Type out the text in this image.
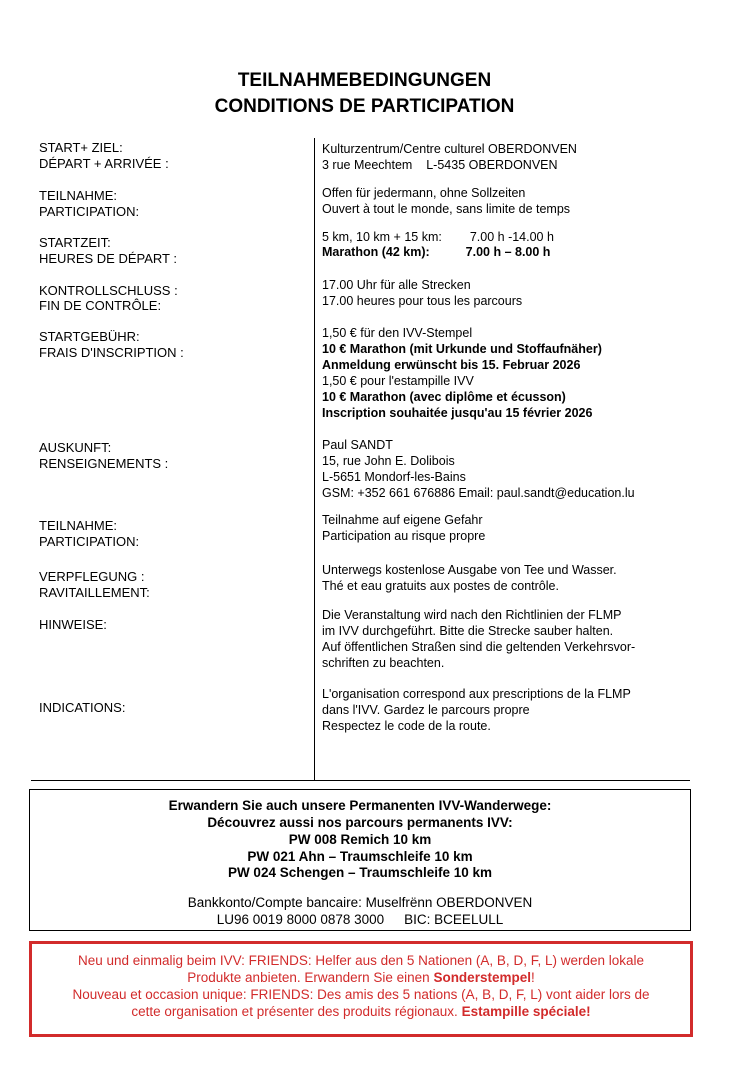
TEILNAHMEBEDINGUNGEN
CONDITIONS DE PARTICIPATION
START+ ZIEL:
DÉPART + ARRIVÉE :
Kulturzentrum/Centre culturel OBERDONVEN
3 rue Meechtem L-5435 OBERDONVEN
TEILNAHME:
PARTICIPATION:
Offen für jedermann, ohne Sollzeiten
Ouvert à tout le monde, sans limite de temps
STARTZEIT:
HEURES DE DÉPART :
5 km, 10 km + 15 km: 7.00 h -14.00 h
Marathon (42 km):	7.00 h – 8.00 h
KONTROLLSCHLUSS :
FIN DE CONTRÔLE:
17.00 Uhr für alle Strecken
17.00 heures pour tous les parcours
STARTGEBÜHR:
FRAIS D'INSCRIPTION :
1,50 € für den IVV-Stempel
10 € Marathon (mit Urkunde und Stoffaufnäher)
Anmeldung erwünscht bis 15. Februar 2026
1,50 € pour l'estampille IVV
10 € Marathon (avec diplôme et écusson)
Inscription souhaitée jusqu'au 15 février 2026
AUSKUNFT:
RENSEIGNEMENTS :
Paul SANDT
15, rue John E. Dolibois
L-5651 Mondorf-les-Bains
GSM: +352 661 676886 Email: paul.sandt@education.lu
TEILNAHME:
PARTICIPATION:
Teilnahme auf eigene Gefahr
Participation au risque propre
VERPFLEGUNG :
RAVITAILLEMENT:
Unterwegs kostenlose Ausgabe von Tee und Wasser.
Thé et eau gratuits aux postes de contrôle.
HINWEISE:
Die Veranstaltung wird nach den Richtlinien der FLMP
im IVV durchgeführt. Bitte die Strecke sauber halten.
Auf öffentlichen Straßen sind die geltenden Verkehrsvor-
schriften zu beachten.
INDICATIONS:
L'organisation correspond aux prescriptions de la FLMP
dans l'IVV. Gardez le parcours propre
Respectez le code de la route.
Erwandern Sie auch unsere Permanenten IVV-Wanderwege:
Découvrez aussi nos parcours permanents IVV:
PW 008 Remich 10 km
PW 021 Ahn – Traumschleife 10 km
PW 024 Schengen – Traumschleife 10 km
Bankkonto/Compte bancaire: Muselfrënn OBERDONVEN
LU96 0019 8000 0878 3000 BIC: BCEELULL
Neu und einmalig beim IVV: FRIENDS: Helfer aus den 5 Nationen (A, B, D, F, L) werden lokale
Produkte anbieten. Erwandern Sie einen Sonderstempel!
Nouveau et occasion unique: FRIENDS: Des amis des 5 nations (A, B, D, F, L) vont aider lors de
cette organisation et présenter des produits régionaux. Estampille spéciale!
